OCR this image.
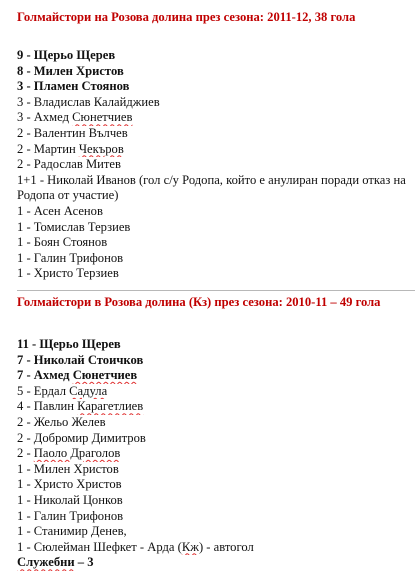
Голмайстори на Розова долина през сезона: 2011-12, 38 гола
9 - Щерьо Щерев
8 - Милен Христов
3 - Пламен Стоянов
3 - Владислав Калайджиев
3 - Ахмед Сюнетчиев
2 - Валентин Вълчев
2 - Мартин Чекъров
2 - Радослав Митев
1+1 - Николай Иванов (гол с/у Родопа, който е анулиран поради отказ на Родопа от участие)
1 - Асен Асенов
1 - Томислав Терзиев
1 - Боян Стоянов
1 - Галин Трифонов
1 - Христо Терзиев
Голмайстори в Розова долина (Кз) през сезона: 2010-11 – 49 гола
11 - Щерьо Щерев
7 - Николай Стоичков
7 - Ахмед Сюнетчиев
5 - Ердал Садула
4 - Павлин Карагетлиев
2 - Жельо Желев
2 - Добромир Димитров
2 - Паоло Драголов
1 - Милен Христов
1 - Христо Христов
1 - Николай Цонков
1 - Галин Трифонов
1 - Станимир Денев,
1 - Сюлейман Шефкет - Арда (Кж) - автогол
Служебни – 3
